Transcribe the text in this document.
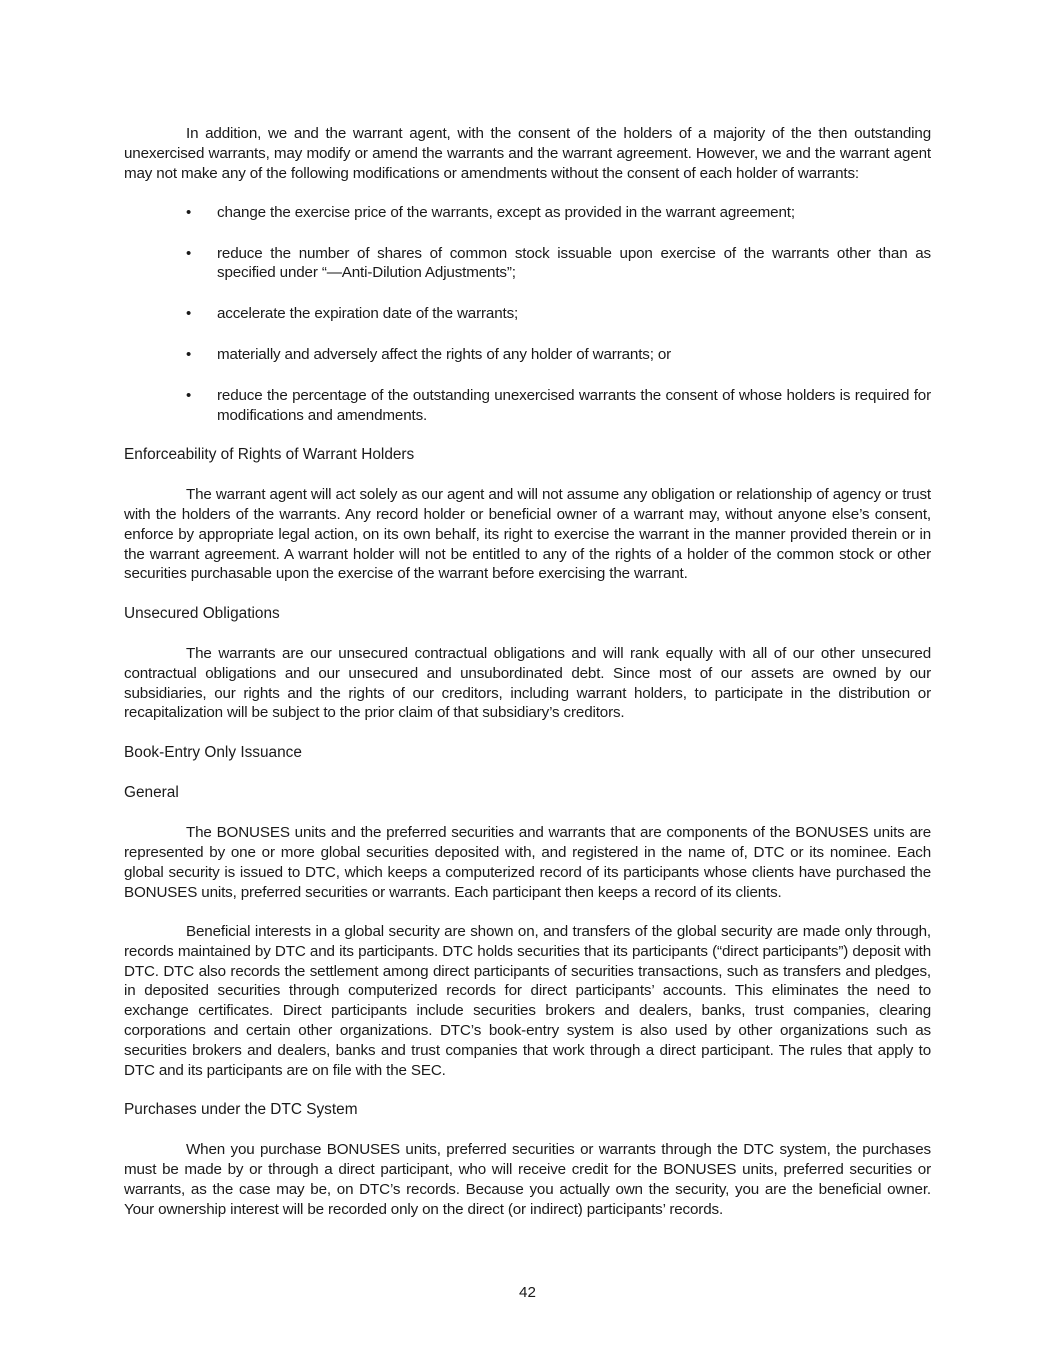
In addition, we and the warrant agent, with the consent of the holders of a majority of the then outstanding unexercised warrants, may modify or amend the warrants and the warrant agreement. However, we and the warrant agent may not make any of the following modifications or amendments without the consent of each holder of warrants:

• change the exercise price of the warrants, except as provided in the warrant agreement;
• reduce the number of shares of common stock issuable upon exercise of the warrants other than as specified under “—Anti-Dilution Adjustments”;
• accelerate the expiration date of the warrants;
• materially and adversely affect the rights of any holder of warrants; or
• reduce the percentage of the outstanding unexercised warrants the consent of whose holders is required for modifications and amendments.
Enforceability of Rights of Warrant Holders

The warrant agent will act solely as our agent and will not assume any obligation or relationship of agency or trust with the holders of the warrants. Any record holder or beneficial owner of a warrant may, without anyone else’s consent, enforce by appropriate legal action, on its own behalf, its right to exercise the warrant in the manner provided therein or in the warrant agreement. A warrant holder will not be entitled to any of the rights of a holder of the common stock or other securities purchasable upon the exercise of the warrant before exercising the warrant.

Unsecured Obligations

The warrants are our unsecured contractual obligations and will rank equally with all of our other unsecured contractual obligations and our unsecured and unsubordinated debt. Since most of our assets are owned by our subsidiaries, our rights and the rights of our creditors, including warrant holders, to participate in the distribution or recapitalization will be subject to the prior claim of that subsidiary’s creditors.

Book-Entry Only Issuance
General

The BONUSES units and the preferred securities and warrants that are components of the BONUSES units are represented by one or more global securities deposited with, and registered in the name of, DTC or its nominee. Each global security is issued to DTC, which keeps a computerized record of its participants whose clients have purchased the BONUSES units, preferred securities or warrants. Each participant then keeps a record of its clients.

Beneficial interests in a global security are shown on, and transfers of the global security are made only through, records maintained by DTC and its participants. DTC holds securities that its participants (“direct participants”) deposit with DTC. DTC also records the settlement among direct participants of securities transactions, such as transfers and pledges, in deposited securities through computerized records for direct participants’ accounts. This eliminates the need to exchange certificates. Direct participants include securities brokers and dealers, banks, trust companies, clearing corporations and certain other organizations. DTC’s book-entry system is also used by other organizations such as securities brokers and dealers, banks and trust companies that work through a direct participant. The rules that apply to DTC and its participants are on file with the SEC.

Purchases under the DTC System

When you purchase BONUSES units, preferred securities or warrants through the DTC system, the purchases must be made by or through a direct participant, who will receive credit for the BONUSES units, preferred securities or warrants, as the case may be, on DTC’s records. Because you actually own the security, you are the beneficial owner. Your ownership interest will be recorded only on the direct (or indirect) participants’ records.

42
